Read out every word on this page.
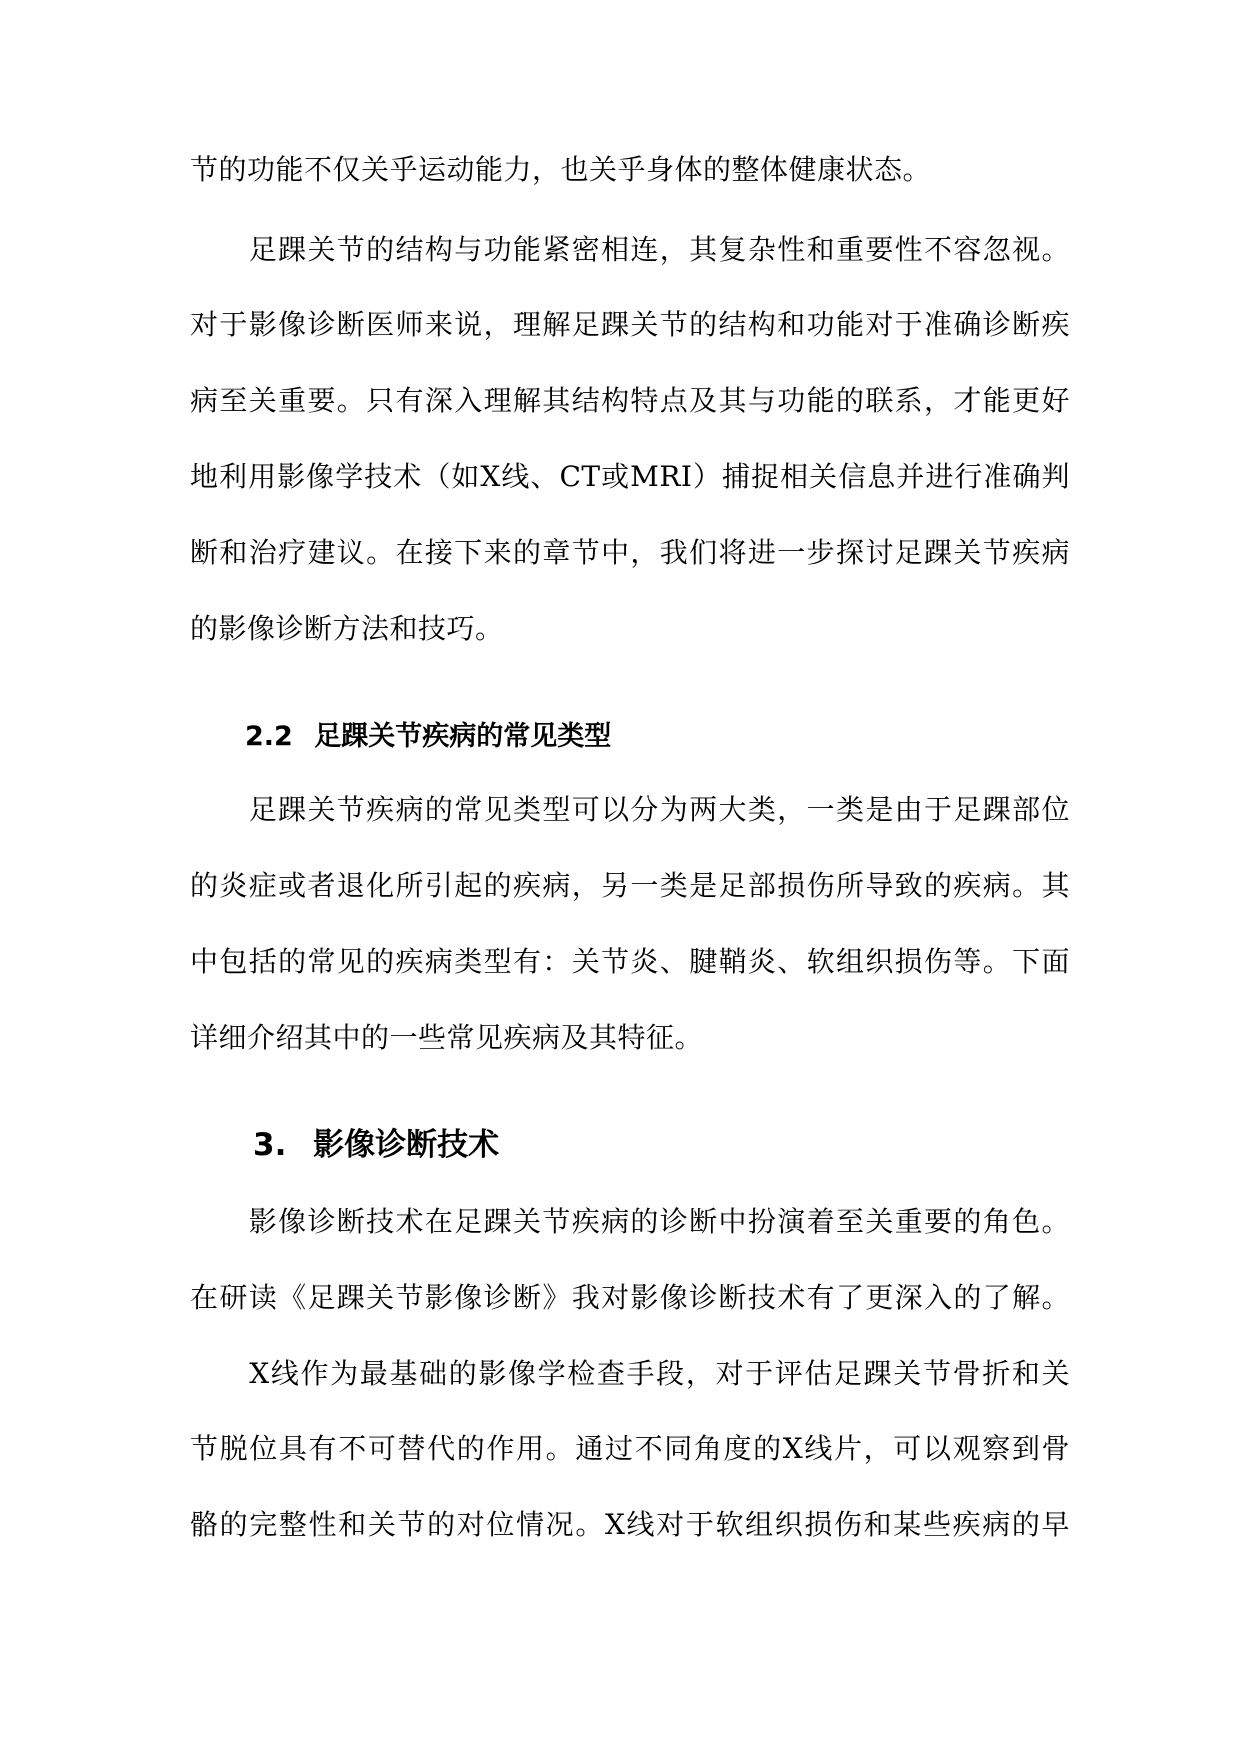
节的功能不仅关乎运动能力，也关乎身体的整体健康状态。
　　足踝关节的结构与功能紧密相连，其复杂性和重要性不容忽视。
对于影像诊断医师来说，理解足踝关节的结构和功能对于准确诊断疾
病至关重要。只有深入理解其结构特点及其与功能的联系，才能更好
地利用影像学技术（如X线、CT或MRI）捕捉相关信息并进行准确判
断和治疗建议。在接下来的章节中，我们将进一步探讨足踝关节疾病
的影像诊断方法和技巧。
2.2 足踝关节疾病的常见类型
　　足踝关节疾病的常见类型可以分为两大类，一类是由于足踝部位
的炎症或者退化所引起的疾病，另一类是足部损伤所导致的疾病。其
中包括的常见的疾病类型有：关节炎、腱鞘炎、软组织损伤等。下面
详细介绍其中的一些常见疾病及其特征。
3. 影像诊断技术
　　影像诊断技术在足踝关节疾病的诊断中扮演着至关重要的角色。
在研读《足踝关节影像诊断》我对影像诊断技术有了更深入的了解。
　　X线作为最基础的影像学检查手段，对于评估足踝关节骨折和关
节脱位具有不可替代的作用。通过不同角度的X线片，可以观察到骨
骼的完整性和关节的对位情况。X线对于软组织损伤和某些疾病的早
